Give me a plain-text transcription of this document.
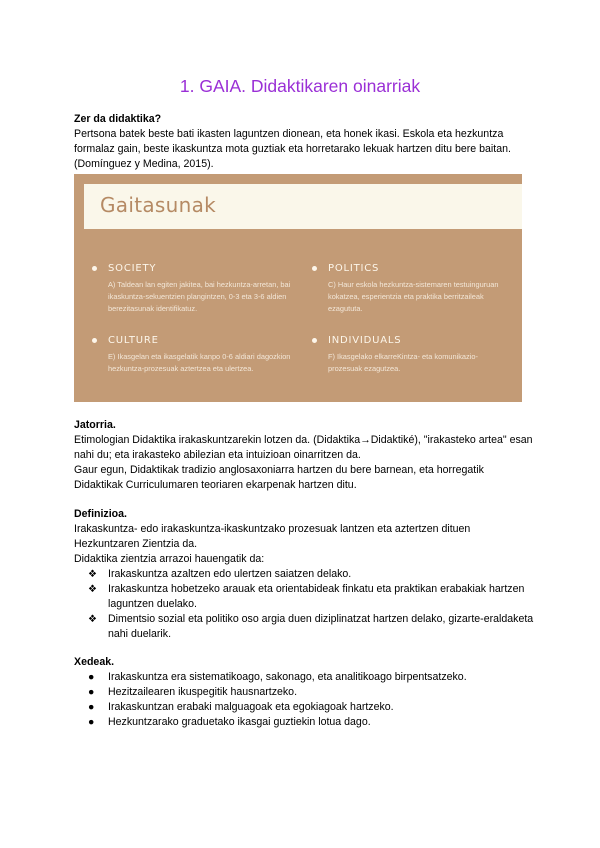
1. GAIA. Didaktikaren oinarriak

Zer da didaktika?

Pertsona batek beste bati ikasten laguntzen dionean, eta honek ikasi. Eskola eta hezkuntza formalaz gain, beste ikaskuntza mota guztiak eta horretarako lekuak hartzen ditu bere baitan. (Domínguez y Medina, 2015).

Gaitasunak
SOCIETY
A) Taldean lan egiten jakitea, bai hezkuntza-arretan, bai ikaskuntza-sekuentzien plangintzen, 0-3 eta 3-6 aldien berezitasunak identifikatuz.
POLITICS
C) Haur eskola hezkuntza-sistemaren testuinguruan kokatzea, esperientzia eta praktika berritzaileak ezagututa.
CULTURE
E) Ikasgelan eta ikasgelatik kanpo 0-6 aldiari dagozkion hezkuntza-prozesuak aztertzea eta ulertzea.
INDIVIDUALS
F) Ikasgelako elkarreKintza- eta komunikazio-prozesuak ezagutzea.

Jatorria.

Etimologian Didaktika irakaskuntzarekin lotzen da. (Didaktika→Didaktiké), "irakasteko artea" esan nahi du; eta irakasteko abilezian eta intuizioan oinarritzen da.

Gaur egun, Didaktikak tradizio anglosaxoniarra hartzen du bere barnean, eta horregatik Didaktikak Curriculumaren teoriaren ekarpenak hartzen ditu.

Definizioa.

Irakaskuntza- edo irakaskuntza-ikaskuntzako prozesuak lantzen eta aztertzen dituen Hezkuntzaren Zientzia da.

Didaktika zientzia arrazoi hauengatik da:

❖ Irakaskuntza azaltzen edo ulertzen saiatzen delako.
❖ Irakaskuntza hobetzeko arauak eta orientabideak finkatu eta praktikan erabakiak hartzen laguntzen duelako.
❖ Dimentsio sozial eta politiko oso argia duen diziplinatzat hartzen delako, gizarte-eraldaketa nahi duelarik.

Xedeak.

● Irakaskuntza era sistematikoago, sakonago, eta analitikoago birpentsatzeko.
● Hezitzailearen ikuspegitik hausnartzeko.
● Irakaskuntzan erabaki malguagoak eta egokiagoak hartzeko.
● Hezkuntzarako graduetako ikasgai guztiekin lotua dago.
